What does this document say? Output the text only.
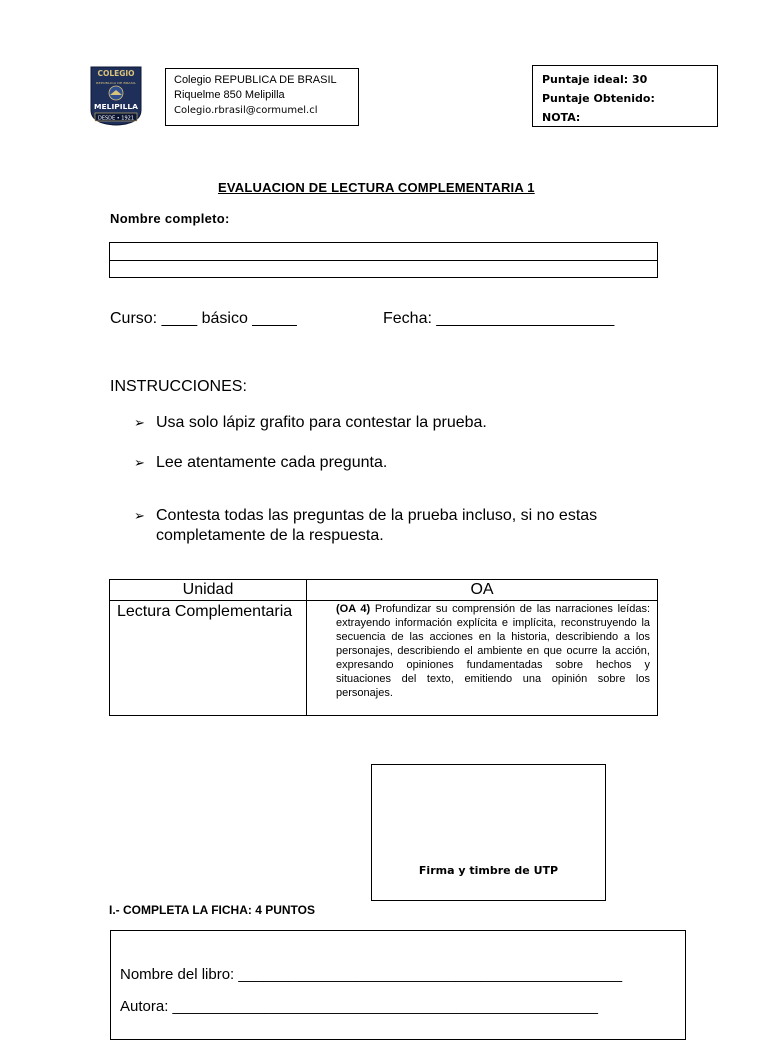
COLEGIO
REPUBLICA DE BRASIL
MELIPILLA
DESDE • 1921
Colegio REPUBLICA DE BRASIL
Riquelme 850 Melipilla
Colegio.rbrasil@cormumel.cl
Puntaje ideal: 30
Puntaje Obtenido:
NOTA:
EVALUACION DE LECTURA COMPLEMENTARIA 1
Nombre completo:
Curso: ____ básico _____	Fecha: ____________________
INSTRUCCIONES:
➢ Usa solo lápiz grafito para contestar la prueba.
➢ Lee atentamente cada pregunta.
➢ Contesta todas las preguntas de la prueba incluso, si no estas completamente de la respuesta.
Unidad	OA
Lectura Complementaria	(OA 4) Profundizar su comprensión de las narraciones leídas: extrayendo información explícita e implícita, reconstruyendo la secuencia de las acciones en la historia, describiendo a los personajes, describiendo el ambiente en que ocurre la acción, expresando opiniones fundamentadas sobre hechos y situaciones del texto, emitiendo una opinión sobre los personajes.
Firma y timbre de UTP
I.- COMPLETA LA FICHA: 4 PUNTOS
Nombre del libro: ______________________________________________
Autora: ___________________________________________________
